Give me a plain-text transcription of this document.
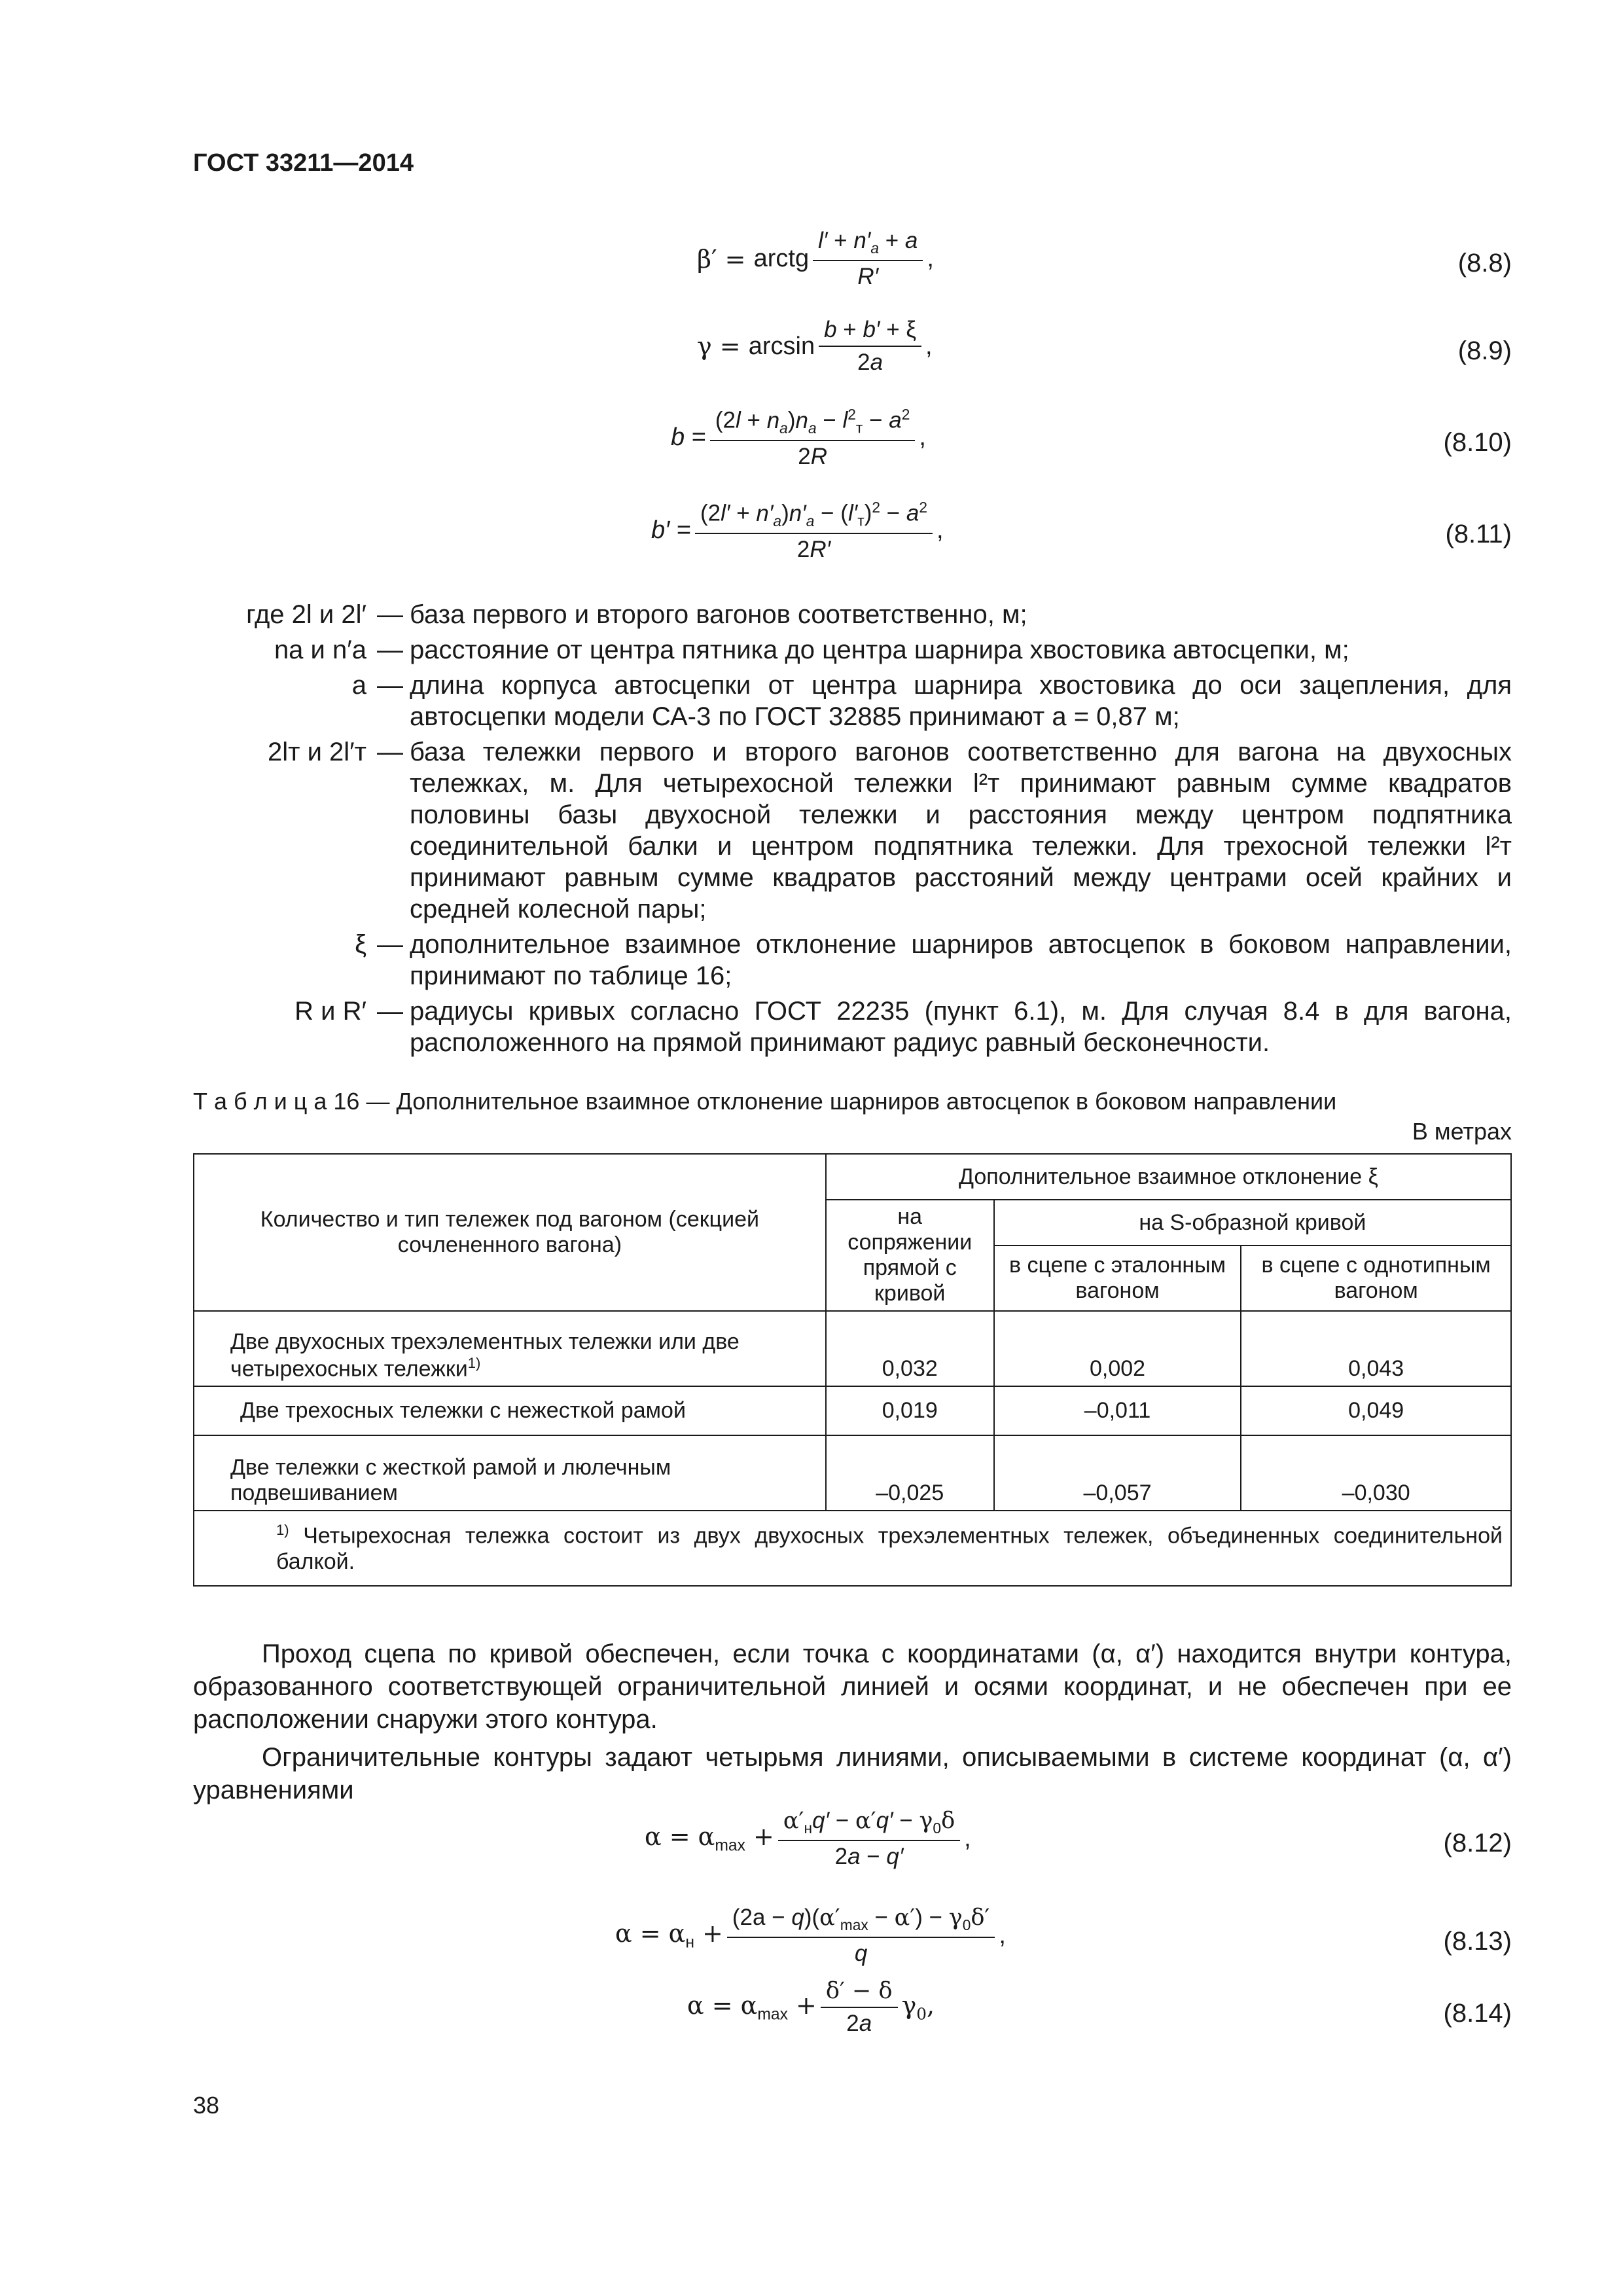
ГОСТ 33211—2014
β′ = arctg $\frac{l' + n'_a + a}{R'}$ ,	(8.8)
$\gamma = \arcsin \frac{b + b' + \xi}{2a}$ ,	(8.9)
$b = \frac{(2l + n_a)n_a - l^2_т - a^2}{2R}$ ,	(8.10)
$b' = \frac{(2l' + n'_a)n'_a - (l'_т)^2 - a^2}{2R'}$ ,	(8.11)
где 2l и 2l′ — база первого и второго вагонов соответственно, м;
na и n′a — расстояние от центра пятника до центра шарнира хвостовика автосцепки, м;
a — длина корпуса автосцепки от центра шарнира хвостовика до оси зацепления, для автосцепки модели СА-3 по ГОСТ 32885 принимают a = 0,87 м;
2lт и 2l′т — база тележки первого и второго вагонов соответственно для вагона на двухосных тележках, м. Для четырехосной тележки l²т принимают равным сумме квадратов половины базы двухосной тележки и расстояния между центром подпятника соединительной балки и центром подпятника тележки. Для трехосной тележки l²т принимают равным сумме квадратов расстояний между центрами осей крайних и средней колесной пары;
ξ — дополнительное взаимное отклонение шарниров автосцепок в боковом направлении, принимают по таблице 16;
R и R′ — радиусы кривых согласно ГОСТ 22235 (пункт 6.1), м. Для случая 8.4 в для вагона, расположенного на прямой принимают радиус равный бесконечности.
Т а б л и ц а 16 — Дополнительное взаимное отклонение шарниров автосцепок в боковом направлении
В метрах
Количество и тип тележек под вагоном (секцией сочлененного вагона)	Дополнительное взаимное отклонение ξ		
	на сопряжении прямой с кривой	на S-образной кривой	
		в сцепе с эталонным вагоном	в сцепе с однотипным вагоном
Две двухосных трехэлементных тележки или две четырехосных тележки$^{1)}$	0,032	0,002	0,043
Две трехосных тележки с нежесткой рамой	0,019	–0,011	0,049
Две тележки с жесткой рамой и люлечным подвешиванием	–0,025	–0,057	–0,030
$^{1)}$ Четырехосная тележка состоит из двух двухосных трехэлементных тележек, объединенных соединительной балкой.			
Проход сцепа по кривой обеспечен, если точка с координатами (α, α′) находится внутри контура, образованного соответствующей ограничительной линией и осями координат, и не обеспечен при ее расположении снаружи этого контура.
Ограничительные контуры задают четырьмя линиями, описываемыми в системе координат (α, α′) уравнениями
$\alpha = \alpha_{max} + \frac{\alpha'_нq' - \alpha'q' - \gamma_0\delta}{2a - q'}$ ,	(8.12)
$\alpha = \alpha_н + \frac{(2a - q)(\alpha'_{max} - \alpha') - \gamma_0\delta'}{q}$ ,	(8.13)
$\alpha = \alpha_{max} + \frac{\delta' - \delta}{2a} \gamma_0$,	(8.14)
38
